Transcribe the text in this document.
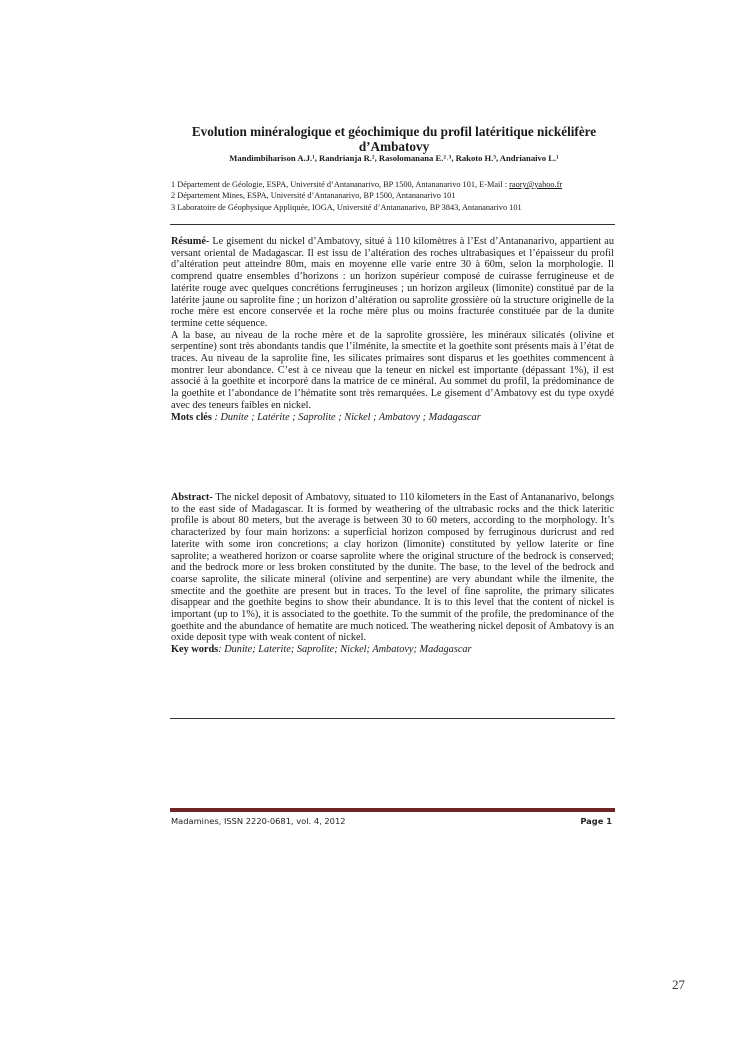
Evolution minéralogique et géochimique du profil latéritique nickélifère d’Ambatovy
Mandimbiharison A.J.¹, Randrianja R.², Rasolomanana E.²˒³, Rakoto H.³, Andrianaivo L.¹
1 Département de Géologie, ESPA, Université d’Antananarivo, BP 1500, Antananarivo 101, E-Mail : raory@yahoo.fr
2 Département Mines, ESPA, Université d’Antananarivo, BP 1500, Antananarivo 101
3 Laboratoire de Géophysique Appliquée, IOGA, Université d’Antananarivo, BP 3843, Antananarivo 101

Résumé- Le gisement du nickel d’Ambatovy, situé à 110 kilomètres à l’Est d’Antananarivo, appartient au versant oriental de Madagascar. Il est issu de l’altération des roches ultrabasiques et l’épaisseur du profil d’altération peut atteindre 80m, mais en moyenne elle varie entre 30 à 60m, selon la morphologie. Il comprend quatre ensembles d’horizons : un horizon supérieur composé de cuirasse ferrugineuse et de latérite rouge avec quelques concrétions ferrugineuses ; un horizon argileux (limonite) constitué par de la latérite jaune ou saprolite fine ; un horizon d’altération ou saprolite grossière où la structure originelle de la roche mère est encore conservée et la roche mère plus ou moins fracturée constituée par de la dunite termine cette séquence.

A la base, au niveau de la roche mère et de la saprolite grossière, les minéraux silicatés (olivine et serpentine) sont très abondants tandis que l’ilménite, la smectite et la goethite sont présents mais à l’état de traces. Au niveau de la saprolite fine, les silicates primaires sont disparus et les goethites commencent à montrer leur abondance. C’est à ce niveau que la teneur en nickel est importante (dépassant 1%), il est associé à la goethite et incorporé dans la matrice de ce minéral. Au sommet du profil, la prédominance de la goethite et l’abondance de l’hématite sont très remarquées. Le gisement d’Ambatovy est du type oxydé avec des teneurs faibles en nickel.

Mots clés : Dunite ; Latérite ; Saprolite ; Nickel ; Ambatovy ; Madagascar

Abstract- The nickel deposit of Ambatovy, situated to 110 kilometers in the East of Antananarivo, belongs to the east side of Madagascar. It is formed by weathering of the ultrabasic rocks and the thick lateritic profile is about 80 meters, but the average is between 30 to 60 meters, according to the morphology. It’s characterized by four main horizons: a superficial horizon composed by ferruginous duricrust and red laterite with some iron concretions; a clay horizon (limonite) constituted by yellow laterite or fine saprolite; a weathered horizon or coarse saprolite where the original structure of the bedrock is conserved; and the bedrock more or less broken constituted by the dunite. The base, to the level of the bedrock and coarse saprolite, the silicate mineral (olivine and serpentine) are very abundant while the ilmenite, the smectite and the goethite are present but in traces. To the level of fine saprolite, the primary silicates disappear and the goethite begins to show their abundance. It is to this level that the content of nickel is important (up to 1%), it is associated to the goethite. To the summit of the profile, the predominance of the goethite and the abundance of hematite are much noticed. The weathering nickel deposit of Ambatovy is an oxide deposit type with weak content of nickel.

Key words: Dunite; Laterite; Saprolite; Nickel; Ambatovy; Madagascar

Madamines, ISSN 2220-0681, vol. 4, 2012	Page 1
27
